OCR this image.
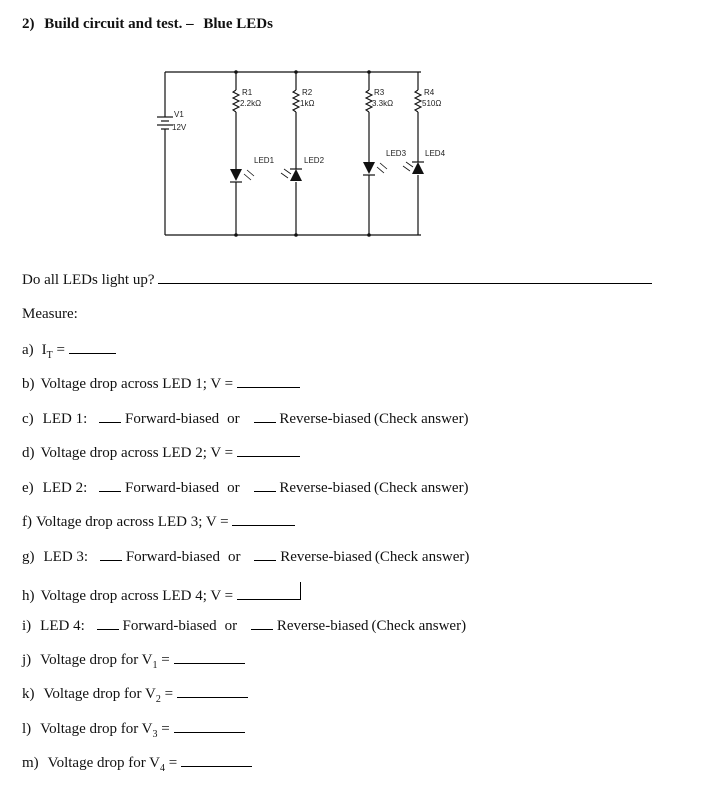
2) Build circuit and test. – Blue LEDs
V1
12V
R1
2.2kΩ
R2
1kΩ
R3
3.3kΩ
R4
510Ω
LED1	LED2
LED3 LED4
Do all LEDs light up?
Measure:
a) $I_T$ =
b) Voltage drop across LED 1; V =
c) LED 1:	Forward-biased or	Reverse-biased (Check answer)
d) Voltage drop across LED 2; V =
e) LED 2:	Forward-biased or	Reverse-biased (Check answer)
f) Voltage drop across LED 3; V =
g) LED 3:	Forward-biased or	Reverse-biased (Check answer)
h) Voltage drop across LED 4; V =
i) LED 4:	Forward-biased or	Reverse-biased (Check answer)
j) Voltage drop for $V_1$ =
k) Voltage drop for $V_2$ =
l) Voltage drop for $V_3$ =
m) Voltage drop for $V_4$ =
